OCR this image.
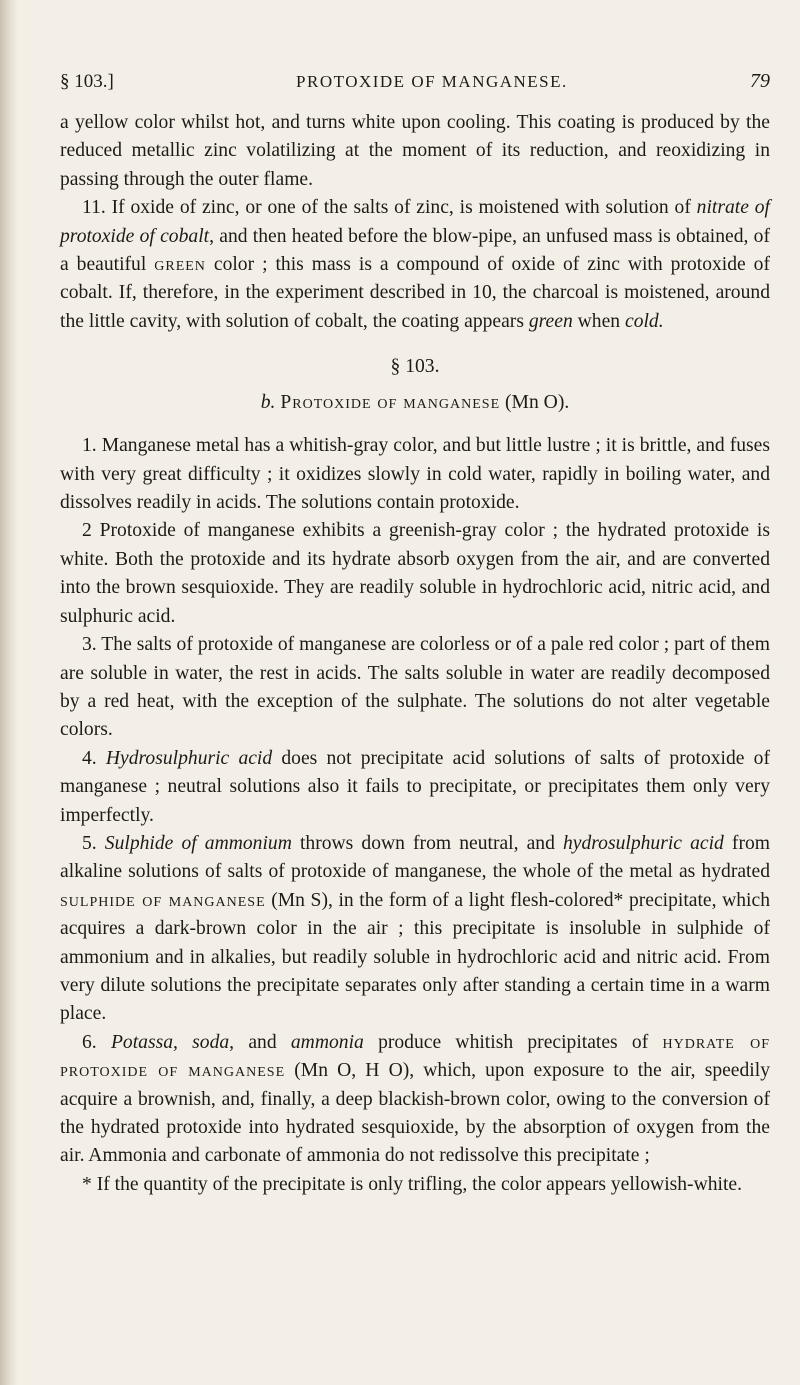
§ 103.]	PROTOXIDE OF MANGANESE.	79

a yellow color whilst hot, and turns white upon cooling. This coating is produced by the reduced metallic zinc volatilizing at the moment of its reduction, and reoxidizing in passing through the outer flame.

11. If oxide of zinc, or one of the salts of zinc, is moistened with solution of nitrate of protoxide of cobalt, and then heated before the blow-pipe, an unfused mass is obtained, of a beautiful green color ; this mass is a compound of oxide of zinc with protoxide of cobalt. If, therefore, in the experiment described in 10, the charcoal is moistened, around the little cavity, with solution of cobalt, the coating appears green when cold.

§ 103.
b. Protoxide of manganese (Mn O).

1. Manganese metal has a whitish-gray color, and but little lustre ; it is brittle, and fuses with very great difficulty ; it oxidizes slowly in cold water, rapidly in boiling water, and dissolves readily in acids. The solutions contain protoxide.

2 Protoxide of manganese exhibits a greenish-gray color ; the hydrated protoxide is white. Both the protoxide and its hydrate absorb oxygen from the air, and are converted into the brown sesquioxide. They are readily soluble in hydrochloric acid, nitric acid, and sulphuric acid.

3. The salts of protoxide of manganese are colorless or of a pale red color ; part of them are soluble in water, the rest in acids. The salts soluble in water are readily decomposed by a red heat, with the exception of the sulphate. The solutions do not alter vegetable colors.

4. Hydrosulphuric acid does not precipitate acid solutions of salts of protoxide of manganese ; neutral solutions also it fails to precipitate, or precipitates them only very imperfectly.

5. Sulphide of ammonium throws down from neutral, and hydrosulphuric acid from alkaline solutions of salts of protoxide of manganese, the whole of the metal as hydrated sulphide of manganese (Mn S), in the form of a light flesh-colored* precipitate, which acquires a dark-brown color in the air ; this precipitate is insoluble in sulphide of ammonium and in alkalies, but readily soluble in hydrochloric acid and nitric acid. From very dilute solutions the precipitate separates only after standing a certain time in a warm place.

6. Potassa, soda, and ammonia produce whitish precipitates of hydrate of protoxide of manganese (Mn O, H O), which, upon exposure to the air, speedily acquire a brownish, and, finally, a deep blackish-brown color, owing to the conversion of the hydrated protoxide into hydrated sesquioxide, by the absorption of oxygen from the air. Ammonia and carbonate of ammonia do not redissolve this precipitate ;

* If the quantity of the precipitate is only trifling, the color appears yellowish-white.
